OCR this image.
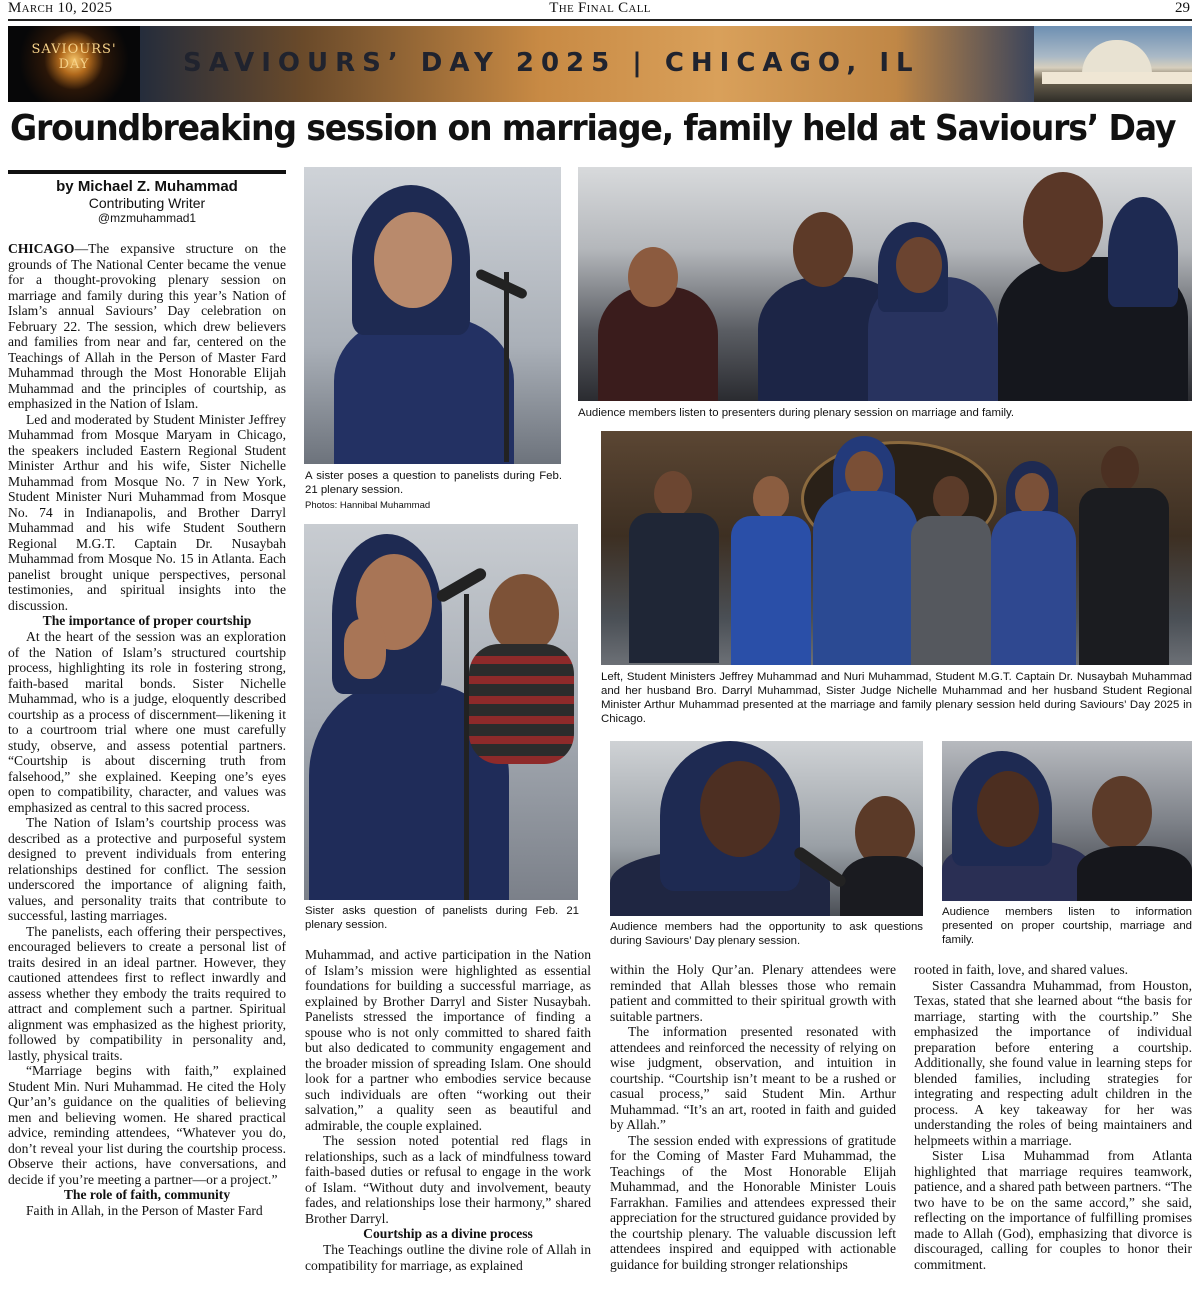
March 10, 2025	The Final Call	29
SAVIOURS'
DAY	SAVIOURS’ DAY 2025 | CHICAGO, IL
Groundbreaking session on marriage, family held at Saviours’ Day
by Michael Z. Muhammad
Contributing Writer
@mzmuhammad1

CHICAGO—The expansive structure on the grounds of The National Center became the venue for a thought-provoking plenary session on marriage and family during this year’s Nation of Islam’s annual Saviours’ Day celebration on February 22. The session, which drew believers and families from near and far, centered on the Teachings of Allah in the Person of Master Fard Muhammad through the Most Honorable Elijah Muhammad and the principles of courtship, as emphasized in the Nation of Islam.

Led and moderated by Student Minister Jeffrey Muhammad from Mosque Maryam in Chicago, the speakers included Eastern Regional Student Minister Arthur and his wife, Sister Nichelle Muhammad from Mosque No. 7 in New York, Student Minister Nuri Muhammad from Mosque No. 74 in Indianapolis, and Brother Darryl Muhammad and his wife Student Southern Regional M.G.T. Captain Dr. Nusaybah Muhammad from Mosque No. 15 in Atlanta. Each panelist brought unique perspectives, personal testimonies, and spiritual insights into the discussion.

The importance of proper courtship

At the heart of the session was an exploration of the Nation of Islam’s structured courtship process, highlighting its role in fostering strong, faith-based marital bonds. Sister Nichelle Muhammad, who is a judge, eloquently described courtship as a process of discernment—likening it to a courtroom trial where one must carefully study, observe, and assess potential partners. “Courtship is about discerning truth from falsehood,” she explained. Keeping one’s eyes open to compatibility, character, and values was emphasized as central to this sacred process.

The Nation of Islam’s courtship process was described as a protective and purposeful system designed to prevent individuals from entering relationships destined for conflict. The session underscored the importance of aligning faith, values, and personality traits that contribute to successful, lasting marriages.

The panelists, each offering their perspectives, encouraged believers to create a personal list of traits desired in an ideal partner. However, they cautioned attendees first to reflect inwardly and assess whether they embody the traits required to attract and complement such a partner. Spiritual alignment was emphasized as the highest priority, followed by compatibility in personality and, lastly, physical traits.

“Marriage begins with faith,” explained Student Min. Nuri Muhammad. He cited the Holy Qur’an’s guidance on the qualities of believing men and believing women. He shared practical advice, reminding attendees, “Whatever you do, don’t reveal your list during the courtship process. Observe their actions, have conversations, and decide if you’re meeting a partner—or a project.”

The role of faith, community

Faith in Allah, in the Person of Master Fard

A sister poses a question to panelists during Feb. 21 plenary session.
Photos: Hannibal Muhammad
Audience members listen to presenters during plenary session on marriage and family.
Left, Student Ministers Jeffrey Muhammad and Nuri Muhammad, Student M.G.T. Captain Dr. Nusaybah Muhammad and her husband Bro. Darryl Muhammad, Sister Judge Nichelle Muhammad and her husband Student Regional Minister Arthur Muhammad presented at the marriage and family plenary session held during Saviours’ Day 2025 in Chicago.
Sister asks question of panelists during Feb. 21 plenary session.	Audience members had the opportunity to ask questions during Saviours’ Day plenary session.
Audience members listen to information presented on proper courtship, marriage and family.

Muhammad, and active participation in the Nation of Islam’s mission were highlighted as essential foundations for building a successful marriage, as explained by Brother Darryl and Sister Nusaybah. Panelists stressed the importance of finding a spouse who is not only committed to shared faith but also dedicated to community engagement and the broader mission of spreading Islam. One should look for a partner who embodies service because such individuals are often “working out their salvation,” a quality seen as beautiful and admirable, the couple explained.

The session noted potential red flags in relationships, such as a lack of mindfulness toward faith-based duties or refusal to engage in the work of Islam. “Without duty and involvement, beauty fades, and relationships lose their harmony,” shared Brother Darryl.

Courtship as a divine process

The Teachings outline the divine role of Allah in compatibility for marriage, as explained

within the Holy Qur’an. Plenary attendees were reminded that Allah blesses those who remain patient and committed to their spiritual growth with suitable partners.

The information presented resonated with attendees and reinforced the necessity of relying on wise judgment, observation, and intuition in courtship. “Courtship isn’t meant to be a rushed or casual process,” said Student Min. Arthur Muhammad. “It’s an art, rooted in faith and guided by Allah.”

The session ended with expressions of gratitude for the Coming of Master Fard Muhammad, the Teachings of the Most Honorable Elijah Muhammad, and the Honorable Minister Louis Farrakhan. Families and attendees expressed their appreciation for the structured guidance provided by the courtship plenary. The valuable discussion left attendees inspired and equipped with actionable guidance for building stronger relationships

rooted in faith, love, and shared values.

Sister Cassandra Muhammad, from Houston, Texas, stated that she learned about “the basis for marriage, starting with the courtship.” She emphasized the importance of individual preparation before entering a courtship. Additionally, she found value in learning steps for blended families, including strategies for integrating and respecting adult children in the process. A key takeaway for her was understanding the roles of being maintainers and helpmeets within a marriage.

Sister Lisa Muhammad from Atlanta highlighted that marriage requires teamwork, patience, and a shared path between partners. “The two have to be on the same accord,” she said, reflecting on the importance of fulfilling promises made to Allah (God), emphasizing that divorce is discouraged, calling for couples to honor their commitment.
